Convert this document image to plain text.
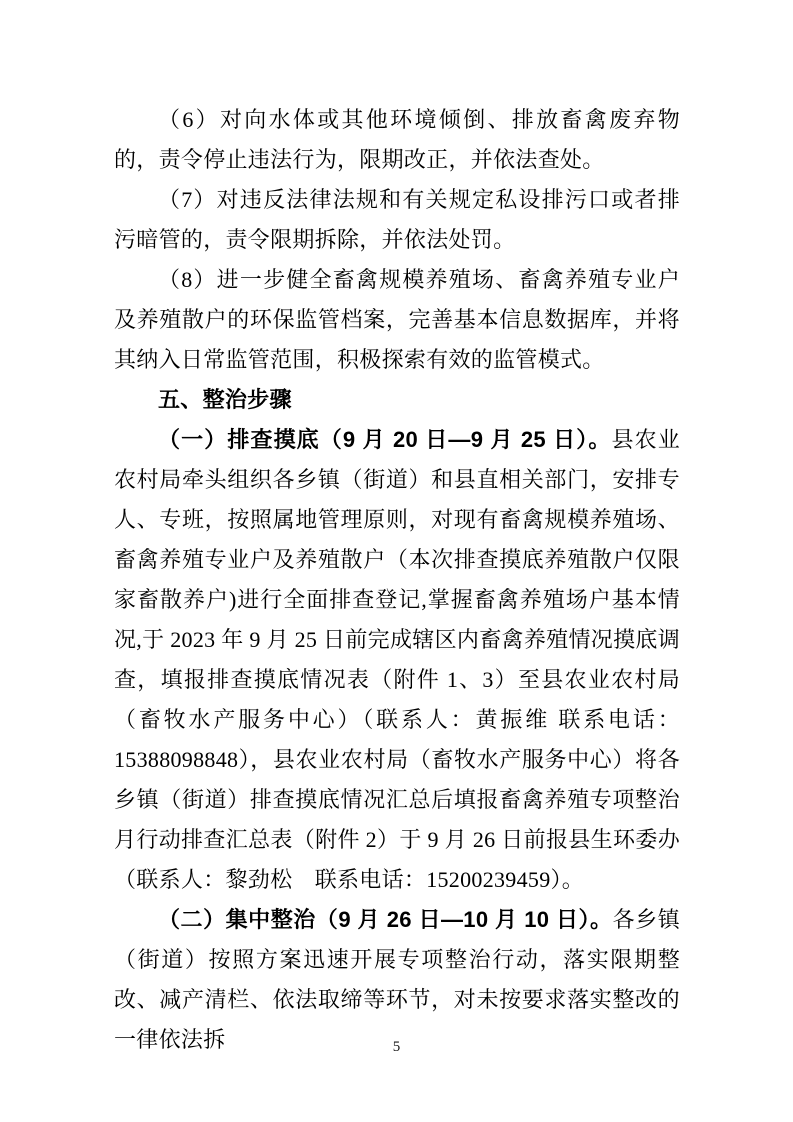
（6）对向水体或其他环境倾倒、排放畜禽废弃物的，责令停止违法行为，限期改正，并依法查处。

（7）对违反法律法规和有关规定私设排污口或者排污暗管的，责令限期拆除，并依法处罚。

（8）进一步健全畜禽规模养殖场、畜禽养殖专业户及养殖散户的环保监管档案，完善基本信息数据库，并将其纳入日常监管范围，积极探索有效的监管模式。

五、整治步骤

（一）排查摸底（9 月 20 日—9 月 25 日）。县农业农村局牵头组织各乡镇（街道）和县直相关部门，安排专人、专班，按照属地管理原则，对现有畜禽规模养殖场、畜禽养殖专业户及养殖散户（本次排查摸底养殖散户仅限家畜散养户)进行全面排查登记,掌握畜禽养殖场户基本情况,于 2023 年 9 月 25 日前完成辖区内畜禽养殖情况摸底调查，填报排查摸底情况表（附件 1、3）至县农业农村局（畜牧水产服务中心）（联系人：黄振维 联系电话：15388098848），县农业农村局（畜牧水产服务中心）将各乡镇（街道）排查摸底情况汇总后填报畜禽养殖专项整治月行动排查汇总表（附件 2）于 9 月 26 日前报县生环委办（联系人：黎劲松　联系电话：15200239459）。

（二）集中整治（9 月 26 日—10 月 10 日）。各乡镇（街道）按照方案迅速开展专项整治行动，落实限期整改、减产清栏、依法取缔等环节，对未按要求落实整改的一律依法拆	5
